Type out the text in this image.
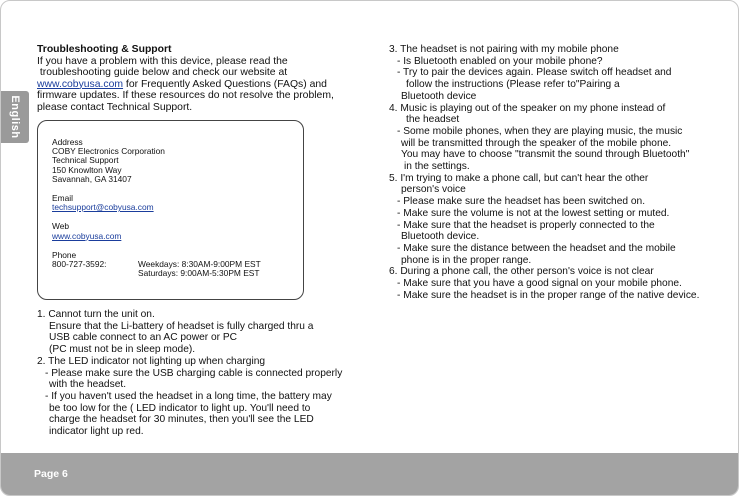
English

Troubleshooting & Support

If you have a problem with this device, please read the

troubleshooting guide below and check our website at

www.cobyusa.com for Frequently Asked Questions (FAQs) and

firmware updates. If these resources do not resolve the problem,

please contact Technical Support.

Address
COBY Electronics Corporation
Technical Support
150 Knowlton Way
Savannah, GA 31407
Email
techsupport@cobyusa.com
Web
www.cobyusa.com
Phone
800-727-3592:	Weekdays: 8:30AM-9:00PM EST
Saturdays: 9:00AM-5:30PM EST

1. Cannot turn the unit on.

Ensure that the Li-battery of headset is fully charged thru a

USB cable connect to an AC power or PC

(PC must not be in sleep mode).

2. The LED indicator not lighting up when charging

- Please make sure the USB charging cable is connected properly

with the headset.

- If you haven't used the headset in a long time, the battery may

be too low for the ( LED indicator to light up. You'll need to

charge the headset for 30 minutes, then you'll see the LED

indicator light up red.

3. The headset is not pairing with my mobile phone

- Is Bluetooth enabled on your mobile phone?

- Try to pair the devices again. Please switch off headset and

follow the instructions (Please refer to"Pairing a

Bluetooth device

4. Music is playing out of the speaker on my phone instead of

the headset

- Some mobile phones, when they are playing music, the music

will be transmitted through the speaker of the mobile phone.

You may have to choose "transmit the sound through Bluetooth"

in the settings.

5. I'm trying to make a phone call, but can't hear the other

person's voice

- Please make sure the headset has been switched on.

- Make sure the volume is not at the lowest setting or muted.

- Make sure that the headset is properly connected to the

Bluetooth device.

- Make sure the distance between the headset and the mobile

phone is in the proper range.

6. During a phone call, the other person's voice is not clear

- Make sure that you have a good signal on your mobile phone.

- Make sure the headset is in the proper range of the native device.

Page 6
